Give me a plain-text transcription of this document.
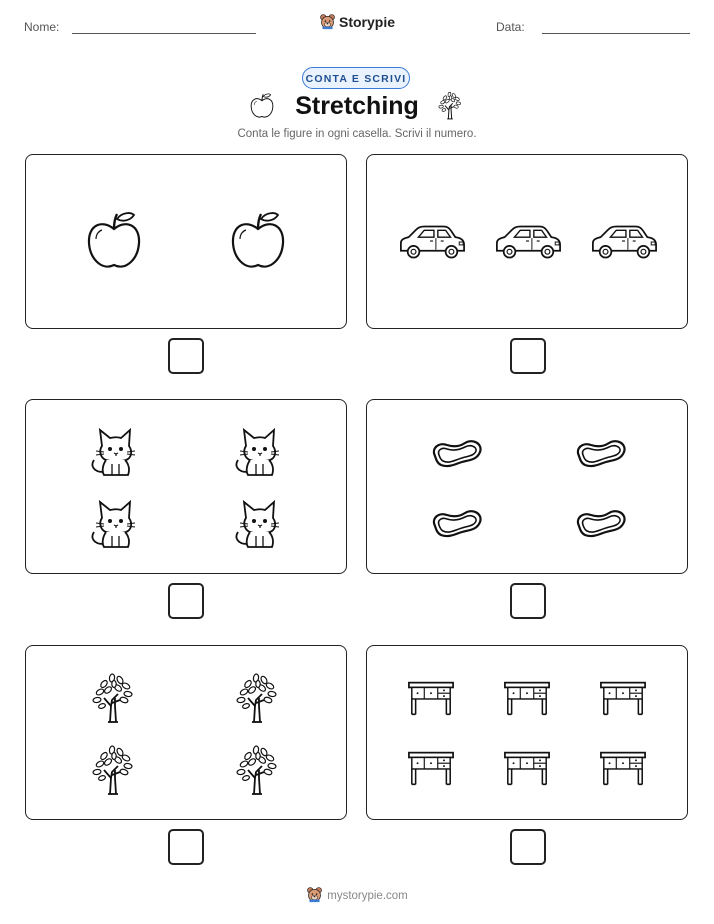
Nome:	Storypie	Data:
CONTA E SCRIVI
Stretching
Conta le figure in ogni casella. Scrivi il numero.
mystorypie.com
